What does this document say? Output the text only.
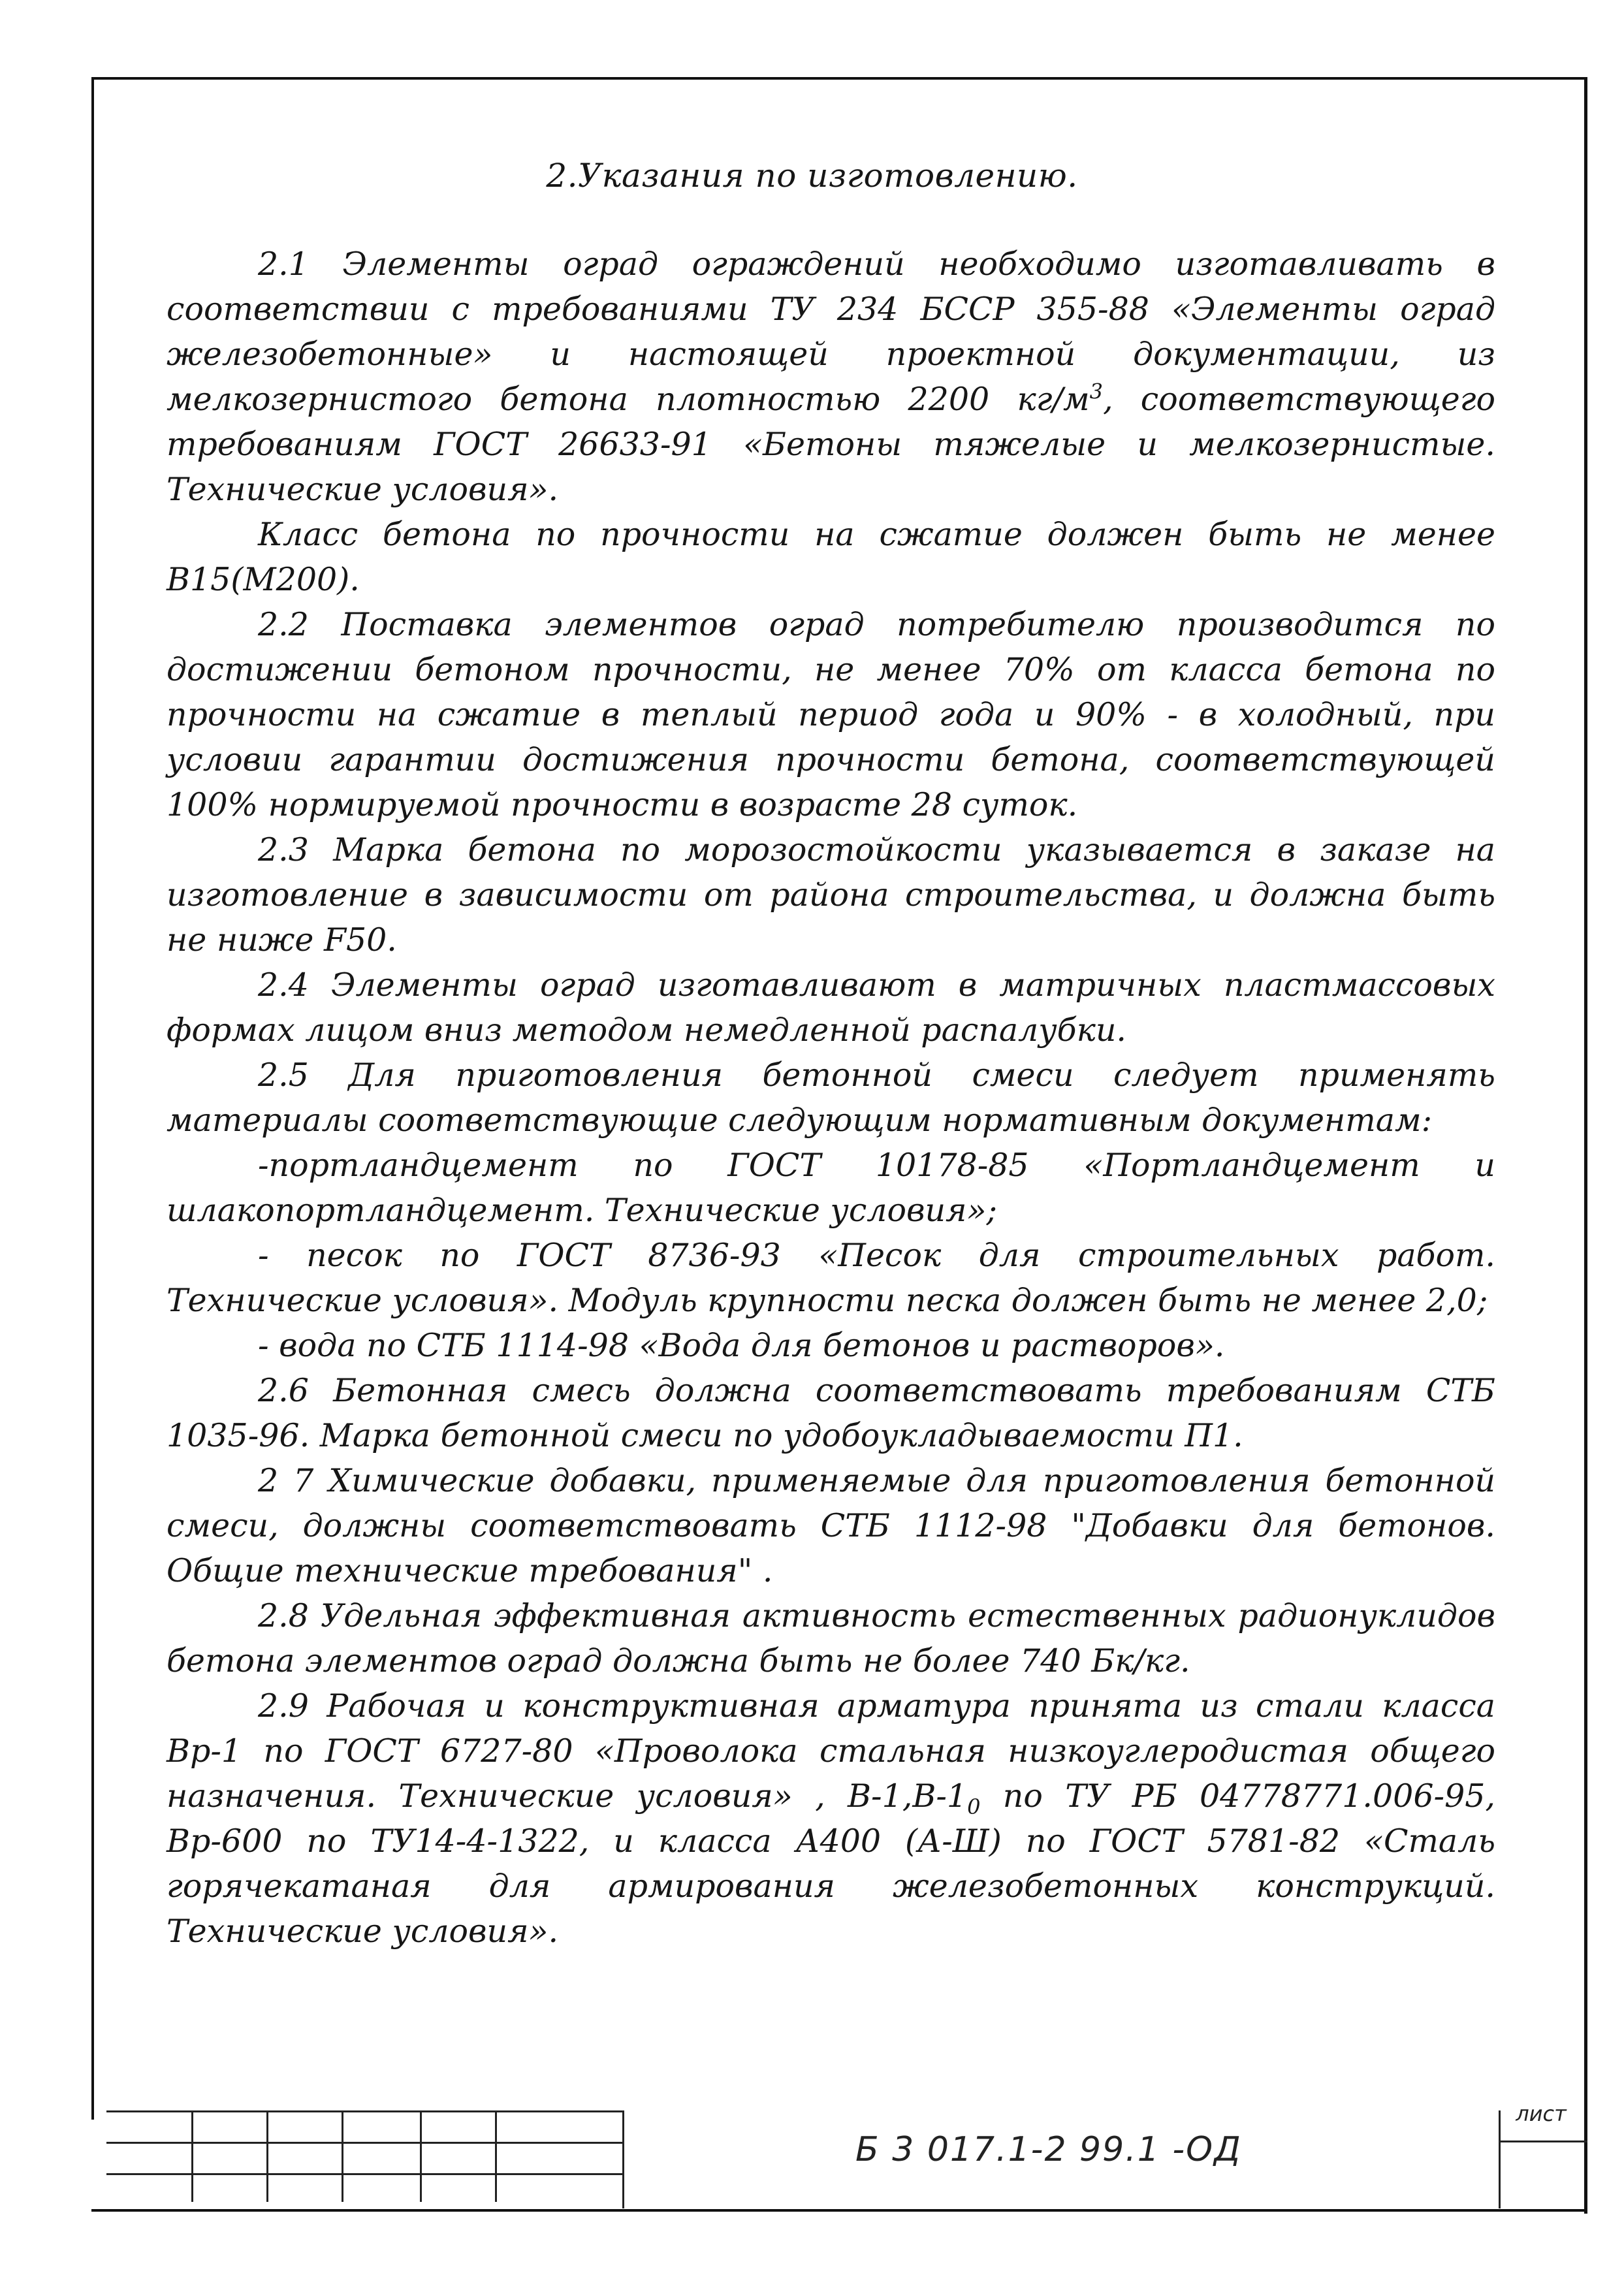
2.Указания по изготовлению.

2.1 Элементы оград ограждений необходимо изготавливать в соответствии с требованиями ТУ 234 БССР 355-88 «Элементы оград железобетонные» и настоящей проектной документации, из мелкозернистого бетона плотностью 2200 $кг/м^3$, соответствующего требованиям ГОСТ 26633-91 «Бетоны тяжелые и мелкозернистые. Технические условия».

Класс бетона по прочности на сжатие должен быть не менее В15(М200).

2.2 Поставка элементов оград потребителю производится по достижении бетоном прочности, не менее 70% от класса бетона по прочности на сжатие в теплый период года и 90% - в холодный, при условии гарантии достижения прочности бетона, соответствующей 100% нормируемой прочности в возрасте 28 суток.

2.3 Марка бетона по морозостойкости указывается в заказе на изготовление в зависимости от района строительства, и должна быть не ниже F50.

2.4 Элементы оград изготавливают в матричных пластмассовых формах лицом вниз методом немедленной распалубки.

2.5 Для приготовления бетонной смеси следует применять материалы соответствующие следующим нормативным документам:

-портландцемент по ГОСТ 10178-85 «Портландцемент и шлакопортландцемент. Технические условия»;

- песок по ГОСТ 8736-93 «Песок для строительных работ. Технические условия». Модуль крупности песка должен быть не менее 2,0;

- вода по СТБ 1114-98 «Вода для бетонов и растворов».

2.6 Бетонная смесь должна соответствовать требованиям СТБ 1035-96. Марка бетонной смеси по удобоукладываемости П1.

2 7 Химические добавки, применяемые для приготовления бетонной смеси, должны соответствовать СТБ 1112-98 "Добавки для бетонов. Общие технические требования" .

2.8 Удельная эффективная активность естественных радионуклидов бетона элементов оград должна быть не более 740 Бк/кг.

2.9 Рабочая и конструктивная арматура принята из стали класса Вр-1 по ГОСТ 6727-80 «Проволока стальная низкоуглеродистая общего назначения. Технические условия» , $В-1,В-1_0$ по ТУ РБ 04778771.006-95, Вр-600 по ТУ14-4-1322, и класса А400 (А-Ш) по ГОСТ 5781-82 «Сталь горячекатаная для армирования железобетонных конструкций. Технические условия».

Б 3 017.1-2 99.1 -ОД
лист
